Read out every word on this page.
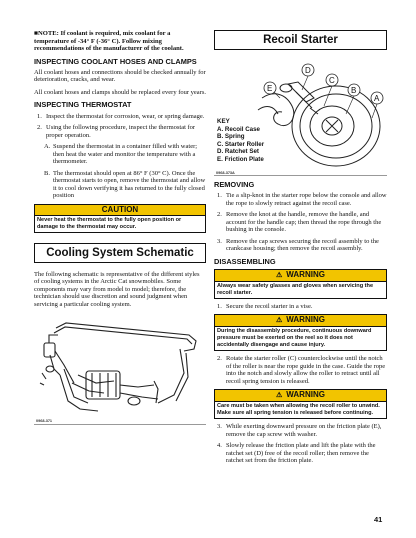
■NOTE: If coolant is required, mix coolant for a temperature of -34° F (-36° C). Follow mixing recommendations of the manufacturer of the coolant.
INSPECTING COOLANT HOSES AND CLAMPS
All coolant hoses and connections should be checked annually for deterioration, cracks, and wear.
All coolant hoses and clamps should be replaced every four years.
INSPECTING THERMOSTAT
1. Inspect the thermostat for corrosion, wear, or spring damage.
2. Using the following procedure, inspect the thermostat for proper operation.
A. Suspend the thermostat in a container filled with water; then heat the water and monitor the temperature with a thermometer.
B. The thermostat should open at 86° F (30° C). Once the thermostat starts to open, remove the thermostat and allow it to cool down verifying it has returned to the fully closed position
CAUTION
Never heat the thermostat to the fully open position or damage to the thermostat may occur.
Cooling System Schematic
The following schematic is representative of the different styles of cooling systems in the Arctic Cat snowmobiles. Some components may vary from model to model; therefore, the technician should use discretion and sound judgment when servicing a particular cooling system.
0968-371
Recoil Starter
D
C
B
A
E
0968-373A
KEY
A. Recoil Case
B. Spring
C. Starter Roller
D. Ratchet Set
E. Friction Plate
REMOVING
1. Tie a slip-knot in the starter rope below the console and allow the rope to slowly retract against the recoil case.
2. Remove the knot at the handle, remove the handle, and account for the handle cap; then thread the rope through the bushing in the console.
3. Remove the cap screws securing the recoil assembly to the crankcase housing; then remove the recoil assembly.
DISASSEMBLING
⚠ WARNING
Always wear safety glasses and gloves when servicing the recoil starter.
1. Secure the recoil starter in a vise.
⚠ WARNING
During the disassembly procedure, continuous downward pressure must be exerted on the reel so it does not accidentally disengage and cause injury.
2. Rotate the starter roller (C) counterclockwise until the notch of the roller is near the rope guide in the case. Guide the rope into the notch and slowly allow the roller to retract until all recoil spring tension is released.
⚠ WARNING
Care must be taken when allowing the recoil roller to unwind. Make sure all spring tension is released before continuing.
3. While exerting downward pressure on the friction plate (E), remove the cap screw with washer.
4. Slowly release the friction plate and lift the plate with the ratchet set (D) free of the recoil roller; then remove the ratchet set from the friction plate.
41
